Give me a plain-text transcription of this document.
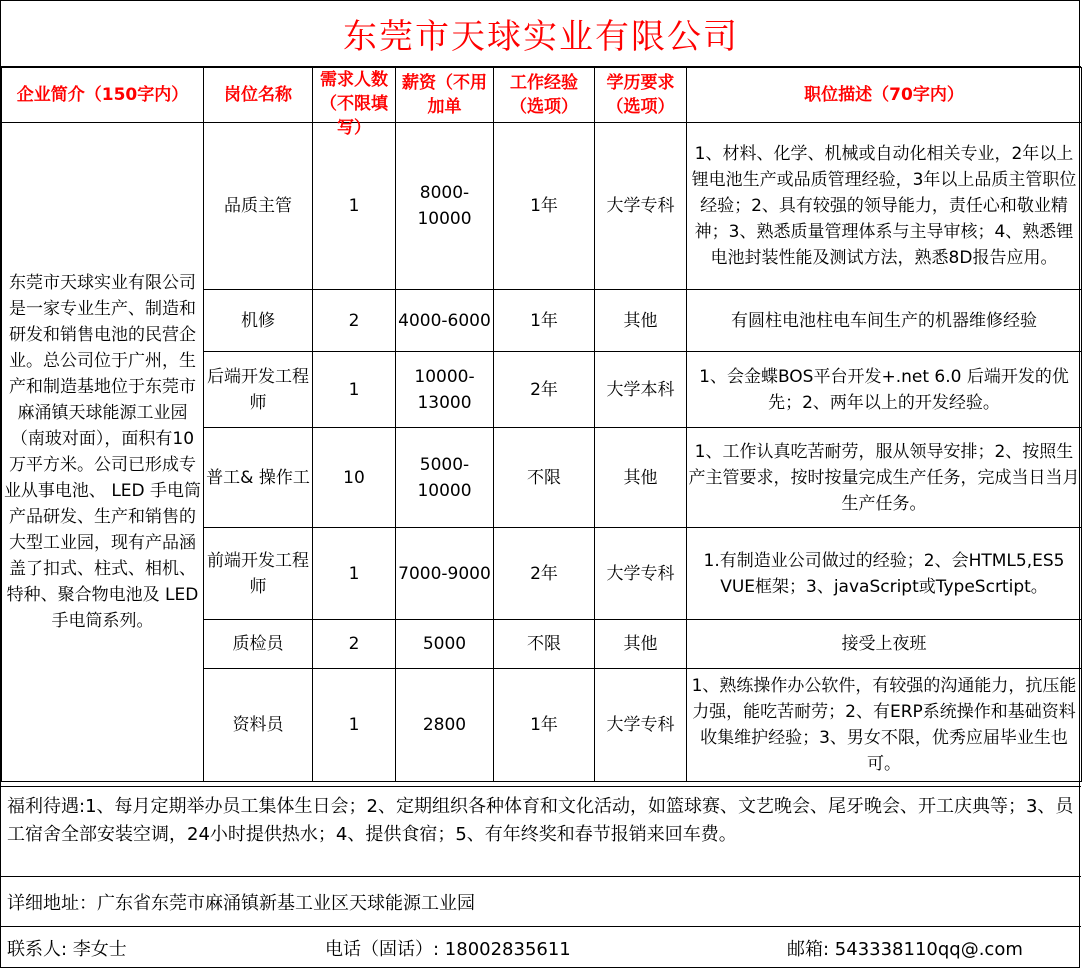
东莞市天球实业有限公司
企业简介（150字内）	岗位名称	需求人数（不限填写）	薪资（不用加单	工作经验（选项）	学历要求（选项）	职位描述（70字内）

东莞市天球实业有限公司是一家专业生产、制造和研发和销售电池的民营企业。总公司位于广州，生产和制造基地位于东莞市麻涌镇天球能源工业园（南玻对面），面积有10 万平方米。公司已形成专业从事电池、 LED 手电筒产品研发、生产和销售的大型工业园，现有产品涵盖了扣式、柱式、相机、特种、聚合物电池及 LED 手电筒系列。	品质主管	1	8000-10000	1年	大学专科	1、材料、化学、机械或自动化相关专业，2年以上锂电池生产或品质管理经验，3年以上品质主管职位经验；2、具有较强的领导能力，责任心和敬业精神；3、熟悉质量管理体系与主导审核；4、熟悉锂电池封装性能及测试方法，熟悉8D报告应用。
	机修	2	4000-6000	1年	其他	有圆柱电池柱电车间生产的机器维修经验
	后端开发工程师	1	10000-13000	2年	大学本科	1、会金蝶BOS平台开发+.net 6.0 后端开发的优先；2、两年以上的开发经验。
	普工& 操作工	10	5000-10000	不限	其他	1、工作认真吃苦耐劳，服从领导安排；2、按照生产主管要求，按时按量完成生产任务，完成当日当月生产任务。
	前端开发工程师	1	7000-9000	2年	大学专科	1.有制造业公司做过的经验；2、会HTML5,ES5 VUE框架；3、javaScript或TypeScrtipt。
	质检员	2	5000	不限	其他	接受上夜班
	资料员	1	2800	1年	大学专科	1、熟练操作办公软件，有较强的沟通能力，抗压能力强，能吃苦耐劳；2、有ERP系统操作和基础资料收集维护经验；3、男女不限，优秀应届毕业生也可。
福利待遇:1、每月定期举办员工集体生日会；2、定期组织各种体育和文化活动，如篮球赛、文艺晚会、尾牙晚会、开工庆典等；3、员工宿舍全部安装空调，24小时提供热水；4、提供食宿；5、有年终奖和春节报销来回车费。
详细地址：广东省东莞市麻涌镇新基工业区天球能源工业园
联系人: 李女士	电话（固话）: 18002835611	邮箱: 543338110qq@.com
